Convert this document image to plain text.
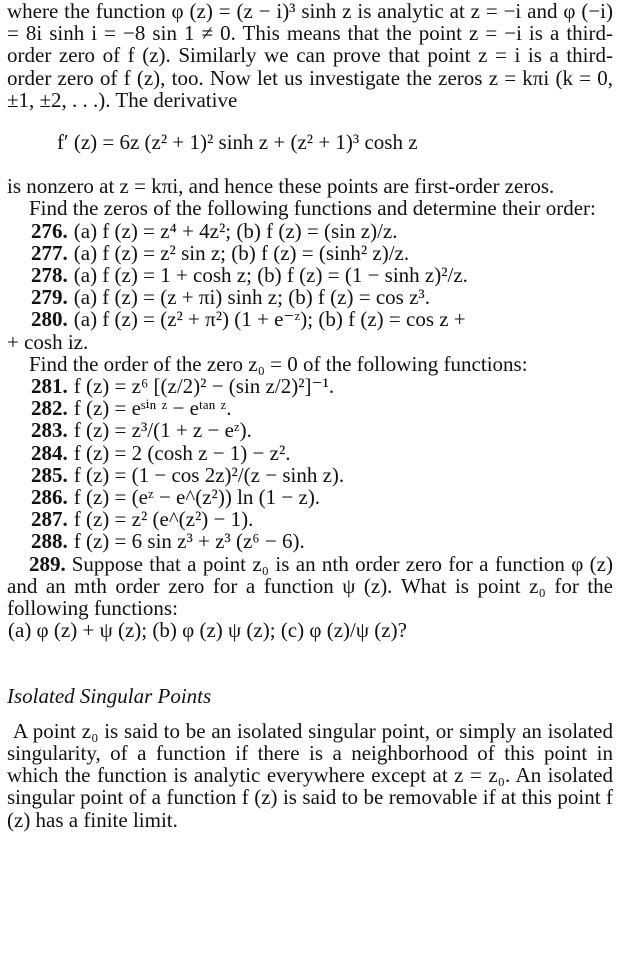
where the function φ (z) = (z − i)³ sinh z is analytic at z = −i and φ (−i) = 8i sinh i = −8 sin 1 ≠ 0. This means that the point z = −i is a third-order zero of f (z). Similarly we can prove that point z = i is a third-order zero of f (z), too. Now let us investigate the zeros z = kπi (k = 0, ±1, ±2, . . .). The derivative

f′ (z) = 6z (z² + 1)² sinh z + (z² + 1)³ cosh z

is nonzero at z = kπi, and hence these points are first-order zeros.

Find the zeros of the following functions and determine their order:

276. (a) f (z) = z⁴ + 4z²; (b) f (z) = (sin z)/z.

277. (a) f (z) = z² sin z; (b) f (z) = (sinh² z)/z.

278. (a) f (z) = 1 + cosh z; (b) f (z) = (1 − sinh z)²/z.

279. (a) f (z) = (z + πi) sinh z; (b) f (z) = cos z³.

280. (a) f (z) = (z² + π²) (1 + e⁻ᶻ); (b) f (z) = cos z +

+ cosh iz.

Find the order of the zero z₀ = 0 of the following functions:

281. f (z) = z⁶ [(z/2)² − (sin z/2)²]⁻¹.

282. f (z) = eˢⁱⁿ ᶻ − eᵗᵃⁿ ᶻ.

283. f (z) = z³/(1 + z − eᶻ).

284. f (z) = 2 (cosh z − 1) − z².

285. f (z) = (1 − cos 2z)²/(z − sinh z).

286. f (z) = (eᶻ − e^(z²)) ln (1 − z).

287. f (z) = z² (e^(z²) − 1).

288. f (z) = 6 sin z³ + z³ (z⁶ − 6).

289. Suppose that a point z₀ is an nth order zero for a function φ (z) and an mth order zero for a function ψ (z). What is point z₀ for the following functions:

(a) φ (z) + ψ (z); (b) φ (z) ψ (z); (c) φ (z)/ψ (z)?

Isolated Singular Points

A point z₀ is said to be an isolated singular point, or simply an isolated singularity, of a function if there is a neighborhood of this point in which the function is analytic everywhere except at z = z₀. An isolated singular point of a function f (z) is said to be removable if at this point f (z) has a finite limit.
